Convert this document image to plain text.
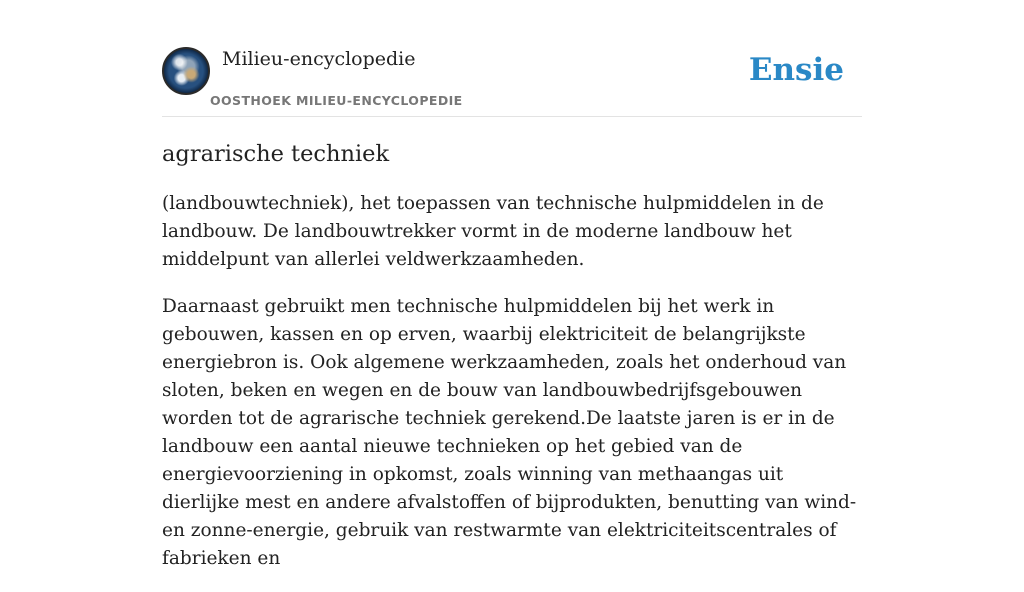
Milieu-encyclopedie
OOSTHOEK MILIEU-ENCYCLOPEDIE
Ensie
agrarische techniek

(landbouwtechniek), het toepassen van technische hulpmiddelen in de landbouw. De landbouwtrekker vormt in de moderne landbouw het middelpunt van allerlei veldwerkzaamheden.

Daarnaast gebruikt men technische hulpmiddelen bij het werk in gebouwen, kassen en op erven, waarbij elektriciteit de belangrijkste energiebron is. Ook algemene werkzaamheden, zoals het onderhoud van sloten, beken en wegen en de bouw van landbouwbedrijfsgebouwen worden tot de agrarische techniek gerekend.De laatste jaren is er in de landbouw een aantal nieuwe technieken op het gebied van de energievoorziening in opkomst, zoals winning van methaangas uit dierlijke mest en andere afvalstoffen of bijprodukten, benutting van wind- en zonne-energie, gebruik van restwarmte van elektriciteitscentrales of fabrieken en
